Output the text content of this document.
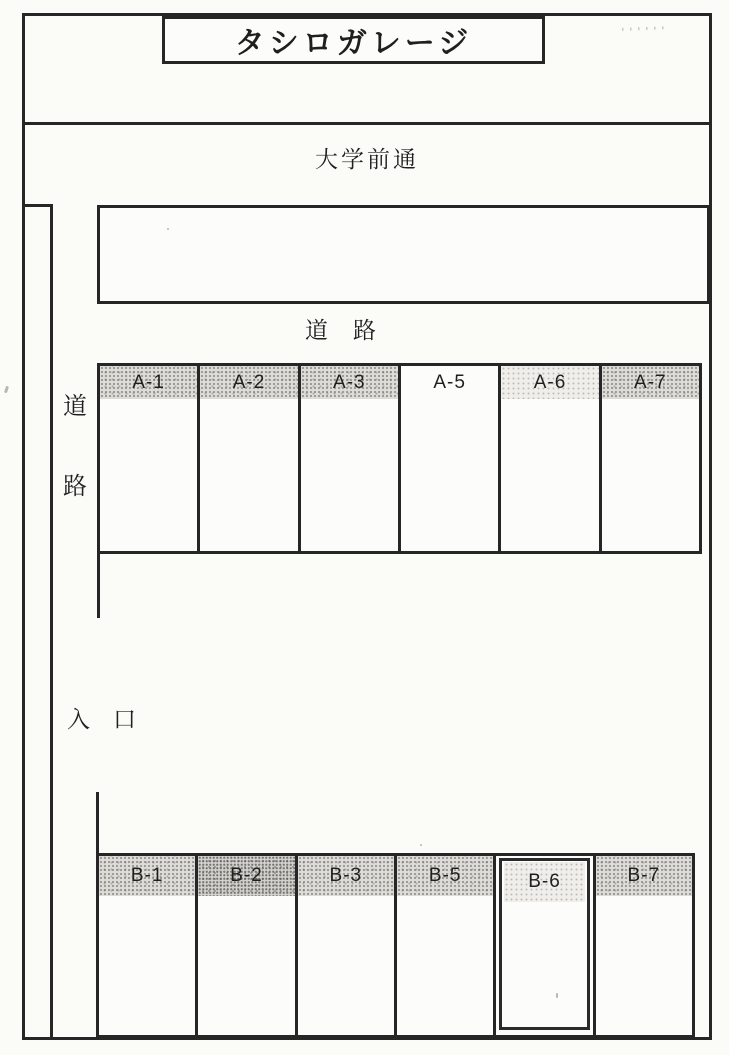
タシロガレージ
大学前通
道　路
道
路
A-1	A-2	A-3	A-5	A-6	A-7
入　口
B-1	B-2	B-3	B-5	B-6	B-7
